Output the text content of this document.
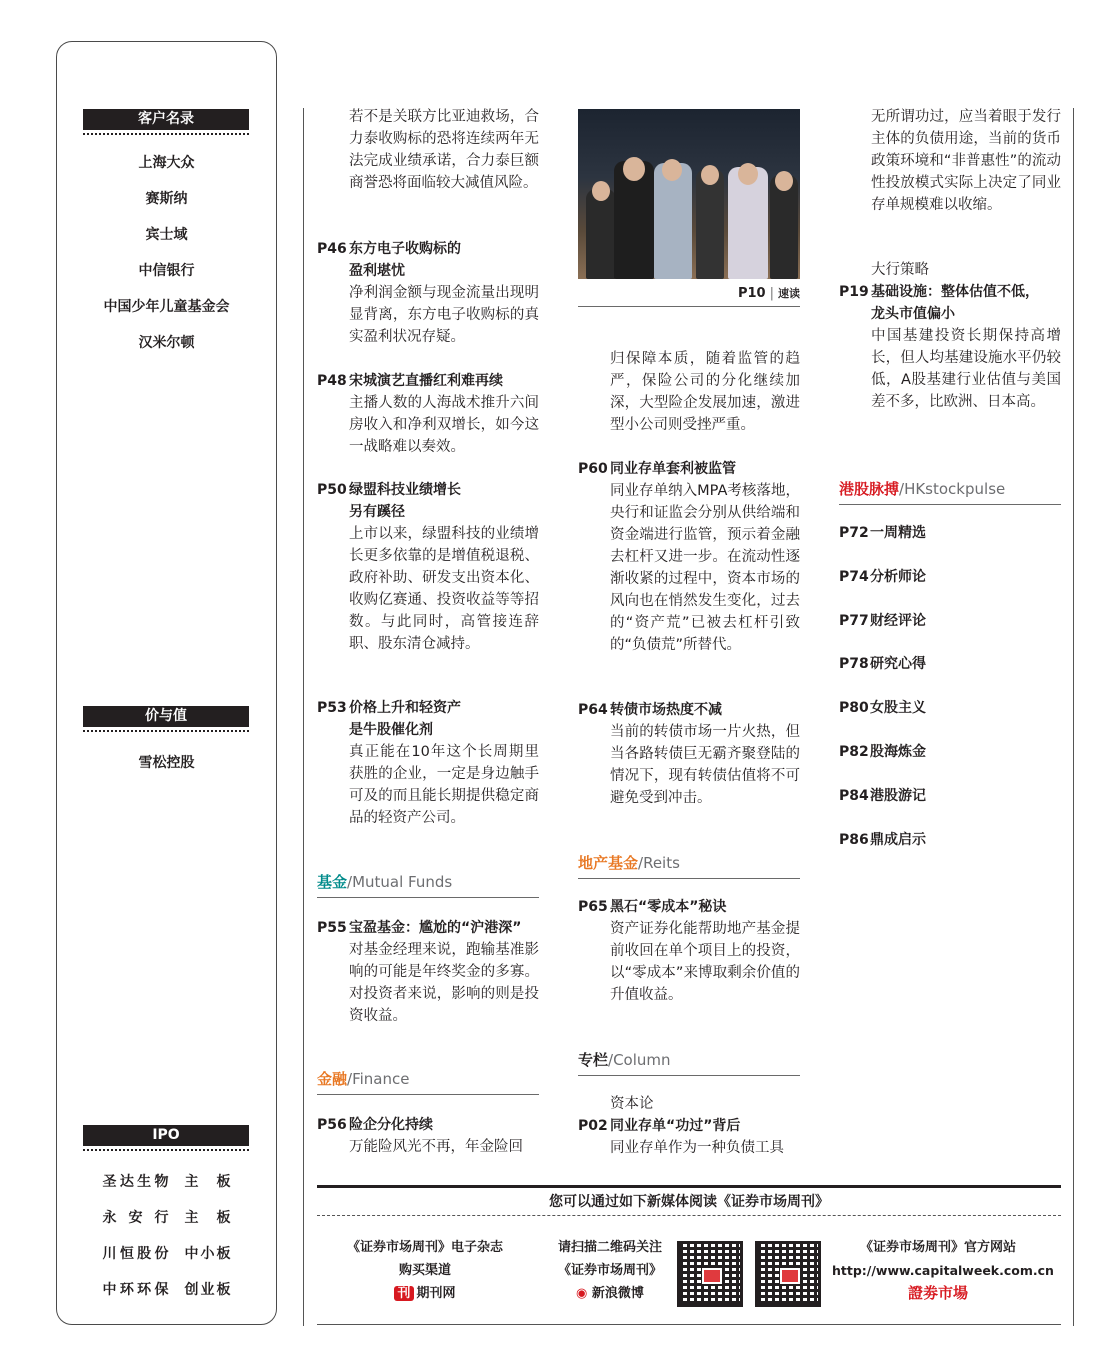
客户名录
上海大众
赛斯纳
宾士域
中信银行
中国少年儿童基金会
汉米尔顿
价与值
雪松控股
IPO
圣达生物 主板
永安行 主板
川恒股份 中小板
中环环保 创业板
若不是关联方比亚迪救场，合力泰收购标的恐将连续两年无法完成业绩承诺，合力泰巨额商誉恐将面临较大减值风险。
P46 东方电子收购标的
盈利堪忧
净利润金额与现金流量出现明显背离，东方电子收购标的真实盈利状况存疑。
P48 宋城演艺直播红利难再续
主播人数的人海战术推升六间房收入和净利双增长，如今这一战略难以奏效。
P50 绿盟科技业绩增长
另有蹊径
上市以来，绿盟科技的业绩增长更多依靠的是增值税退税、政府补助、研发支出资本化、收购亿赛通、投资收益等等招数。与此同时，高管接连辞职、股东清仓减持。
P53 价格上升和轻资产
是牛股催化剂
真正能在10年这个长周期里获胜的企业，一定是身边触手可及的而且能长期提供稳定商品的轻资产公司。
基金/Mutual Funds
P55 宝盈基金：尴尬的“沪港深”
对基金经理来说，跑输基准影响的可能是年终奖金的多寡。对投资者来说，影响的则是投资收益。
金融/Finance
P56 险企分化持续
万能险风光不再，年金险回
P10 | 速读
归保障本质，随着监管的趋严，保险公司的分化继续加深，大型险企发展加速，激进型小公司则受挫严重。
P60 同业存单套利被监管
同业存单纳入MPA考核落地，央行和证监会分别从供给端和资金端进行监管，预示着金融去杠杆又进一步。在流动性逐渐收紧的过程中，资本市场的风向也在悄然发生变化，过去的“资产荒”已被去杠杆引致的“负债荒”所替代。
P64 转债市场热度不减
当前的转债市场一片火热，但当各路转债巨无霸齐聚登陆的情况下，现有转债估值将不可避免受到冲击。
地产基金/Reits
P65 黑石“零成本”秘诀
资产证券化能帮助地产基金提前收回在单个项目上的投资，以“零成本”来博取剩余价值的升值收益。
专栏/Column
资本论
P02 同业存单“功过”背后
同业存单作为一种负债工具
无所谓功过，应当着眼于发行主体的负债用途，当前的货币政策环境和“非普惠性”的流动性投放模式实际上决定了同业存单规模难以收缩。
大行策略
P19 基础设施：整体估值不低，
龙头市值偏小
中国基建投资长期保持高增长，但人均基建设施水平仍较低，A股基建行业估值与美国差不多，比欧洲、日本高。
港股脉搏/HKstockpulse
P72一周精选
P74分析师论
P77财经评论
P78研究心得
P80女股主义
P82股海炼金
P84港股游记
P86鼎成启示
您可以通过如下新媒体阅读《证券市场周刊》
《证券市场周刊》电子杂志
购买渠道
刊 期刊网
请扫描二维码关注
《证券市场周刊》
◉ 新浪微博
《证券市场周刊》官方网站
http://www.capitalweek.com.cn
證劵市場
